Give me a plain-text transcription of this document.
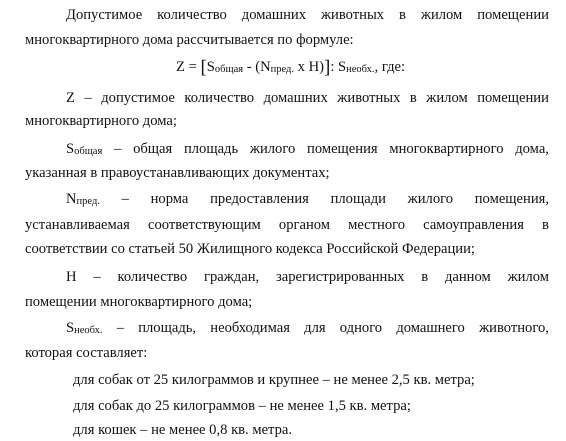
Допустимое количество домашних животных в жилом помещении
многоквартирного дома рассчитывается по формуле:
Z = [Sобщая - (Nпред. x H)]: Sнеобх., где:
Z – допустимое количество домашних животных в жилом помещении
многоквартирного дома;
Sобщая – общая площадь жилого помещения многоквартирного дома,
указанная в правоустанавливающих документах;
Nпред. – норма предоставления площади жилого помещения,
устанавливаемая соответствующим органом местного самоуправления в
соответствии со статьей 50 Жилищного кодекса Российской Федерации;
Н – количество граждан, зарегистрированных в данном жилом
помещении многоквартирного дома;
Sнеобх. – площадь, необходимая для одного домашнего животного,
которая составляет:
для собак от 25 килограммов и крупнее – не менее 2,5 кв. метра;
для собак до 25 килограммов – не менее 1,5 кв. метра;
для кошек – не менее 0,8 кв. метра.
